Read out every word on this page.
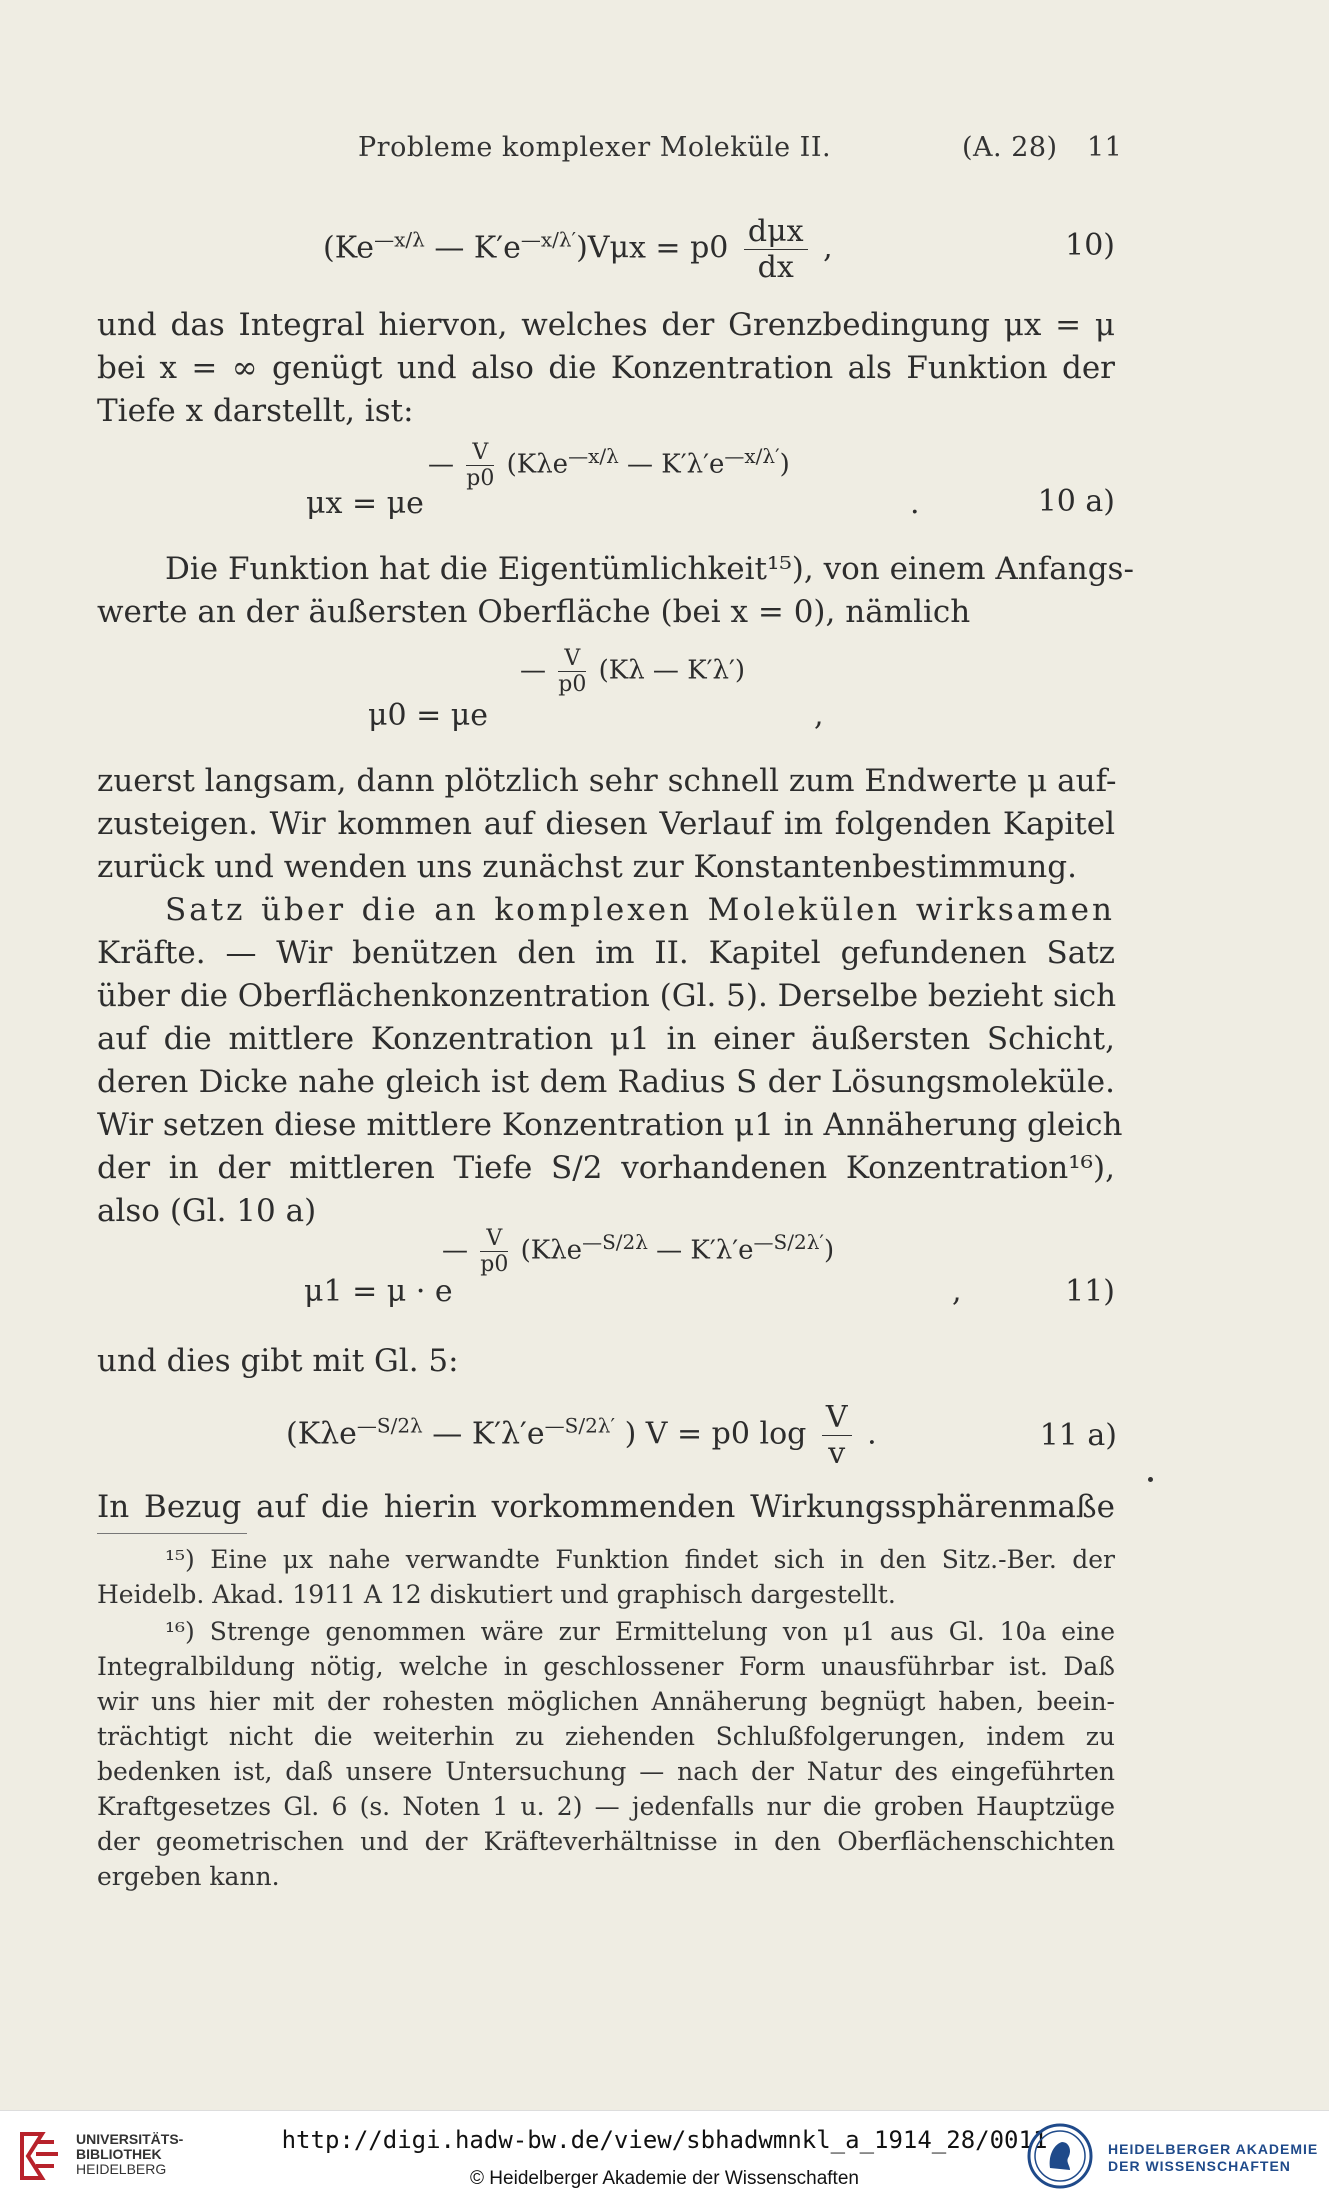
Probleme komplexer Moleküle II.	(A. 28) 11
($Ke^{—x/\lambda}$ — $K'e^{—x/\lambda'})V\mu x = p0$ dμx
dx
,	10)
und das Integral hiervon, welches der Grenzbedingung μx = μ
bei x = ∞ genügt und also die Konzentration als Funktion der
Tiefe x darstellt, ist:
μx = μe
— $\frac{V}{p0} (K\lambda e^{—x/\lambda}$ — $K'\lambda'e^{—x/\lambda'}$)
.	10 a)
Die Funktion hat die Eigentümlichkeit¹⁵), von einem Anfangs-
werte an der äußersten Oberfläche (bei x = 0), nämlich
μ0 = μe
— $\frac{V}{p0} (K\lambda$ — K′λ′)
,
zuerst langsam, dann plötzlich sehr schnell zum Endwerte μ auf-
zusteigen. Wir kommen auf diesen Verlauf im folgenden Kapitel
zurück und wenden uns zunächst zur Konstantenbestimmung.
Satz über die an komplexen Molekülen wirksamen
Kräfte. — Wir benützen den im II. Kapitel gefundenen Satz
über die Oberflächenkonzentration (Gl. 5). Derselbe bezieht sich
auf die mittlere Konzentration μ1 in einer äußersten Schicht,
deren Dicke nahe gleich ist dem Radius S der Lösungsmoleküle.
Wir setzen diese mittlere Konzentration μ1 in Annäherung gleich
der in der mittleren Tiefe S/2 vorhandenen Konzentration¹⁶),
also (Gl. 10 a)
μ1 = μ · e
— $\frac{V}{p0} (K\lambda e^{—S/2\lambda}$ — $K'\lambda'e^{—S/2\lambda'}$)
,	11)
und dies gibt mit Gl. 5:
(Kλe$^{—S/2\lambda}$ — $K'\lambda'e^{—S/2\lambda'}$ ) V = p0 $\log \frac{V}{v}$ .	11 a)
In Bezug auf die hierin vorkommenden Wirkungssphärenmaße
¹⁵) Eine μx nahe verwandte Funktion findet sich in den Sitz.-Ber. der
Heidelb. Akad. 1911 A 12 diskutiert und graphisch dargestellt.
¹⁶) Strenge genommen wäre zur Ermittelung von μ1 aus Gl. 10a eine
Integralbildung nötig, welche in geschlossener Form unausführbar ist. Daß
wir uns hier mit der rohesten möglichen Annäherung begnügt haben, beein-
trächtigt nicht die weiterhin zu ziehenden Schlußfolgerungen, indem zu
bedenken ist, daß unsere Untersuchung — nach der Natur des eingeführten
Kraftgesetzes Gl. 6 (s. Noten 1 u. 2) — jedenfalls nur die groben Hauptzüge
der geometrischen und der Kräfteverhältnisse in den Oberflächenschichten
ergeben kann.
UNIVERSITÄTS-
BIBLIOTHEK
HEIDELBERG
http://digi.hadw-bw.de/view/sbhadwmnkl_a_1914_28/0011
© Heidelberger Akademie der Wissenschaften
HEIDELBERGER AKADEMIE
DER WISSENSCHAFTEN
